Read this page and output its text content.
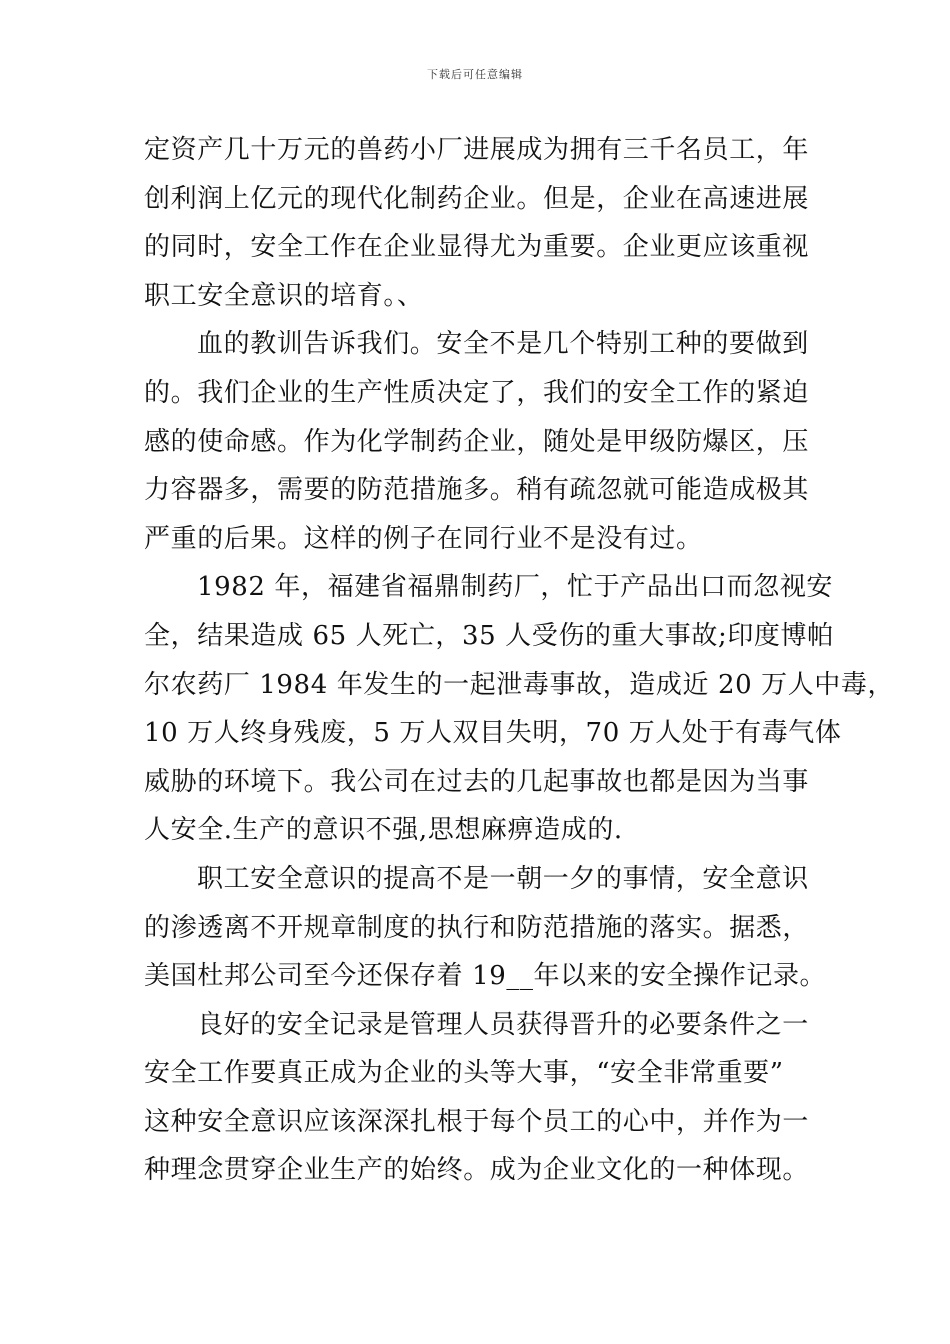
下载后可任意编辑

定资产几十万元的兽药小厂进展成为拥有三千名员工，年
创利润上亿元的现代化制药企业。但是，企业在高速进展
的同时，安全工作在企业显得尤为重要。企业更应该重视
职工安全意识的培育。、

血的教训告诉我们。安全不是几个特别工种的要做到
的。我们企业的生产性质决定了，我们的安全工作的紧迫
感的使命感。作为化学制药企业，随处是甲级防爆区，压
力容器多，需要的防范措施多。稍有疏忽就可能造成极其
严重的后果。这样的例子在同行业不是没有过。

1982 年，福建省福鼎制药厂，忙于产品出口而忽视安
全，结果造成 65 人死亡，35 人受伤的重大事故;印度博帕
尔农药厂 1984 年发生的一起泄毒事故，造成近 20 万人中毒，
10 万人终身残废，5 万人双目失明，70 万人处于有毒气体
威胁的环境下。我公司在过去的几起事故也都是因为当事
人安全.生产的意识不强,思想麻痹造成的.

职工安全意识的提高不是一朝一夕的事情，安全意识
的渗透离不开规章制度的执行和防范措施的落实。据悉，
美国杜邦公司至今还保存着 19__年以来的安全操作记录。

良好的安全记录是管理人员获得晋升的必要条件之一
安全工作要真正成为企业的头等大事，“安全非常重要”
这种安全意识应该深深扎根于每个员工的心中，并作为一
种理念贯穿企业生产的始终。成为企业文化的一种体现。
